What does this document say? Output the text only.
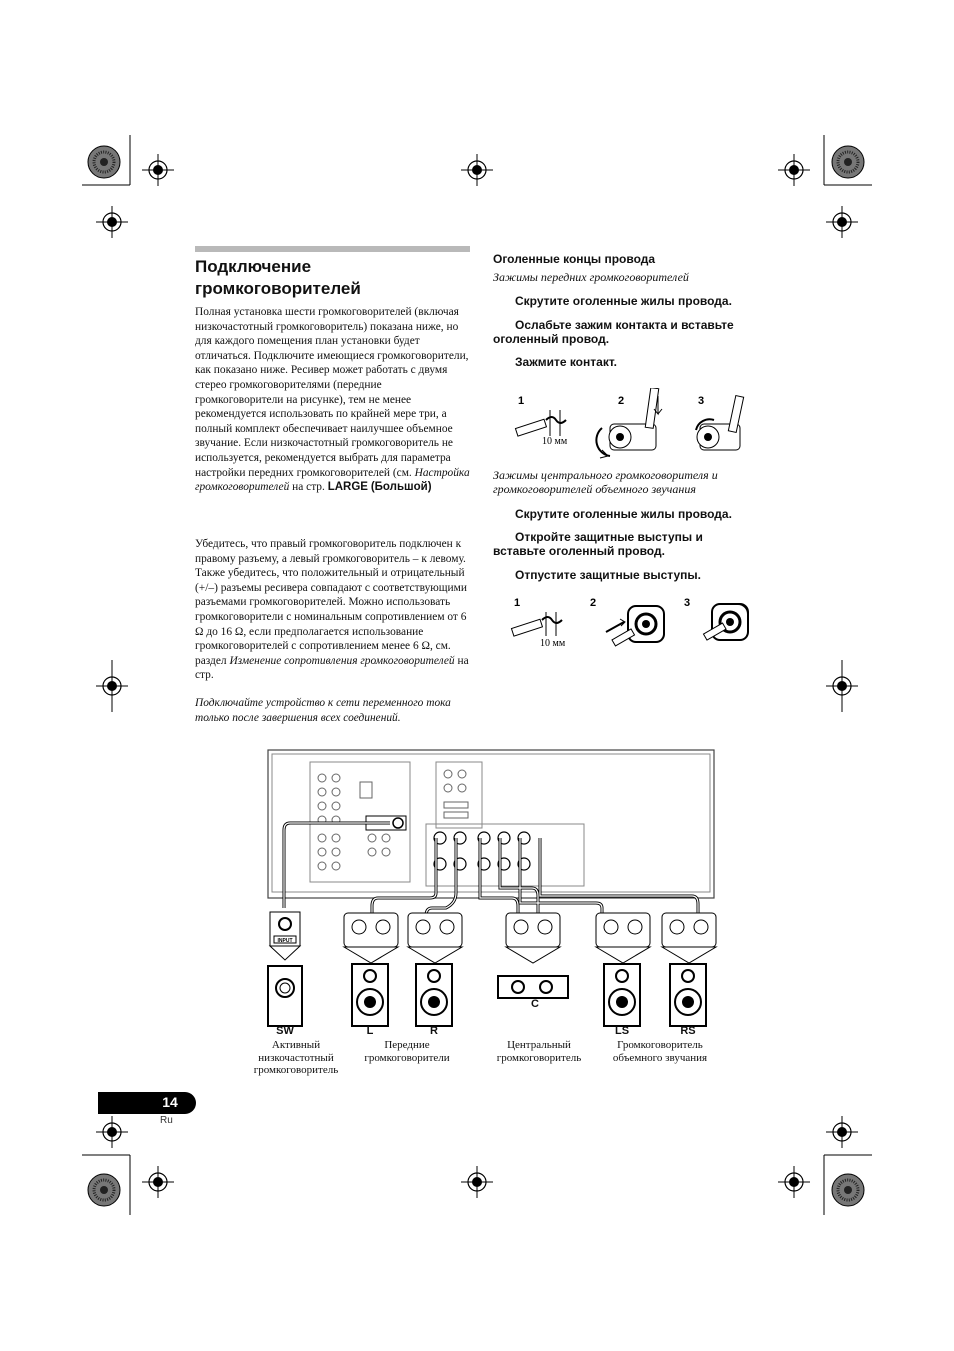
Подключение
громкоговорителей

Полная установка шести громкоговорителей (включая низкочастотный громкоговоритель) показана ниже, но для каждого помещения план установки будет отличаться. Подключите имеющиеся громкоговорители, как показано ниже. Ресивер может работать с двумя стерео громкоговорителями (передние громкоговорители на рисунке), тем не менее рекомендуется использовать по крайней мере три, а полный комплект обеспечивает наилучшее объемное звучание. Если низкочастотный громкоговоритель не используется, рекомендуется выбрать для параметра настройки передних громкоговорителей (см. Настройка громкоговорителей на стр. LARGE (Большой)

Убедитесь, что правый громкоговоритель подключен к правому разъему, а левый громкоговоритель – к левому. Также убедитесь, что положительный и отрицательный (+/–) разъемы ресивера совпадают с соответствующими разъемами громкоговорителей. Можно использовать громкоговорители с номинальным сопротивлением от 6 Ω до 16 Ω, если предполагается использование громкоговорителей с сопротивлением менее 6 Ω, см. раздел Изменение сопротивления громкоговорителей на стр.

Подключайте устройство к сети переменного тока только после завершения всех соединений.
Оголенные концы провода
Зажимы передних громкоговорителей
Скрутите оголенные жилы провода.
Ослабьте зажим контакта и вставьте оголенный провод.
Зажмите контакт.
1	2	3
10 мм
Зажимы центрального громкоговорителя и громкоговорителей объемного звучания
Скрутите оголенные жилы провода.
Откройте защитные выступы и вставьте оголенный провод.
Отпустите защитные выступы.
1	2	3
10 мм
INPUT
SW	L	R
C
LS	RS
Активный низкочастотный громкоговоритель
Передние громкоговорители
Центральный громкоговоритель
Громкоговоритель объемного звучания
14
Ru
